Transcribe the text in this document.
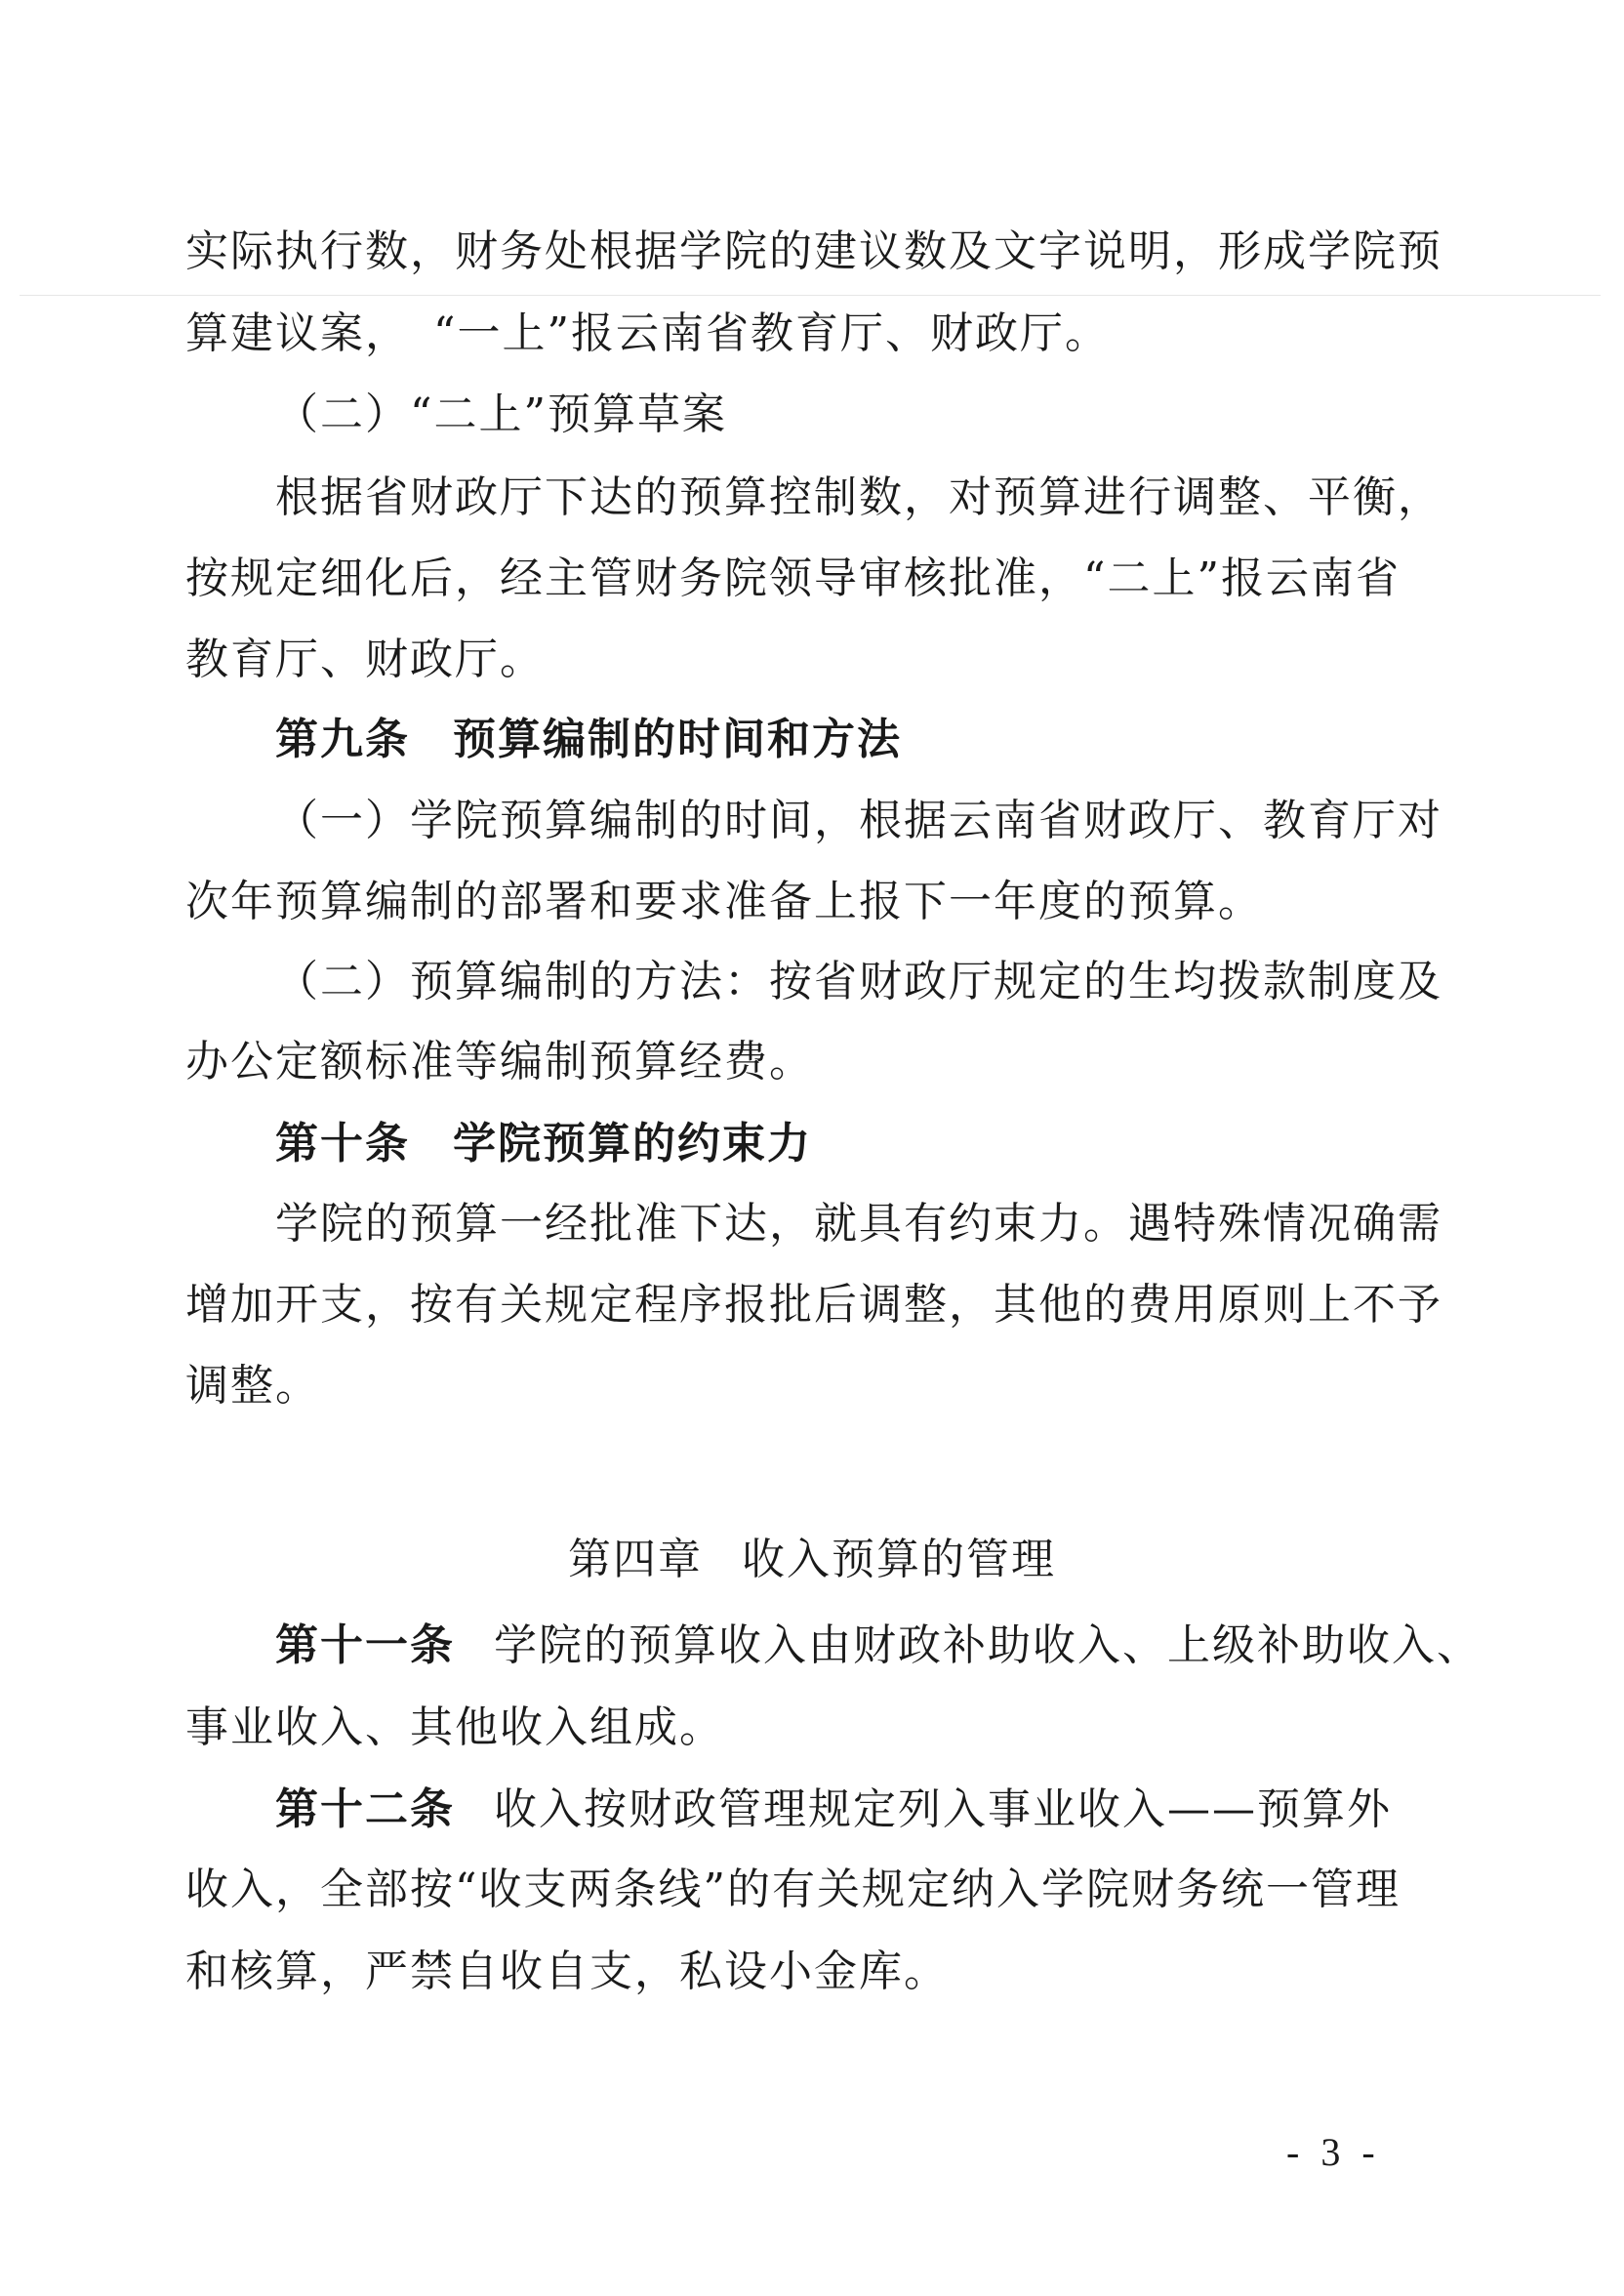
实际执行数，财务处根据学院的建议数及文字说明，形成学院预
算建议案，　“一上”报云南省教育厅、财政厅。
（二）“二上”预算草案
根据省财政厅下达的预算控制数，对预算进行调整、平衡，
按规定细化后，经主管财务院领导审核批准，“二上”报云南省
教育厅、财政厅。
第九条 预算编制的时间和方法
（一）学院预算编制的时间，根据云南省财政厅、教育厅对
次年预算编制的部署和要求准备上报下一年度的预算。
（二）预算编制的方法：按省财政厅规定的生均拨款制度及
办公定额标准等编制预算经费。
第十条 学院预算的约束力
学院的预算一经批准下达，就具有约束力。遇特殊情况确需
增加开支，按有关规定程序报批后调整，其他的费用原则上不予
调整。
第四章 收入预算的管理
第十一条 学院的预算收入由财政补助收入、上级补助收入、
事业收入、其他收入组成。
第十二条 收入按财政管理规定列入事业收入——预算外
收入，全部按“收支两条线”的有关规定纳入学院财务统一管理
和核算，严禁自收自支，私设小金库。
- 3 -
